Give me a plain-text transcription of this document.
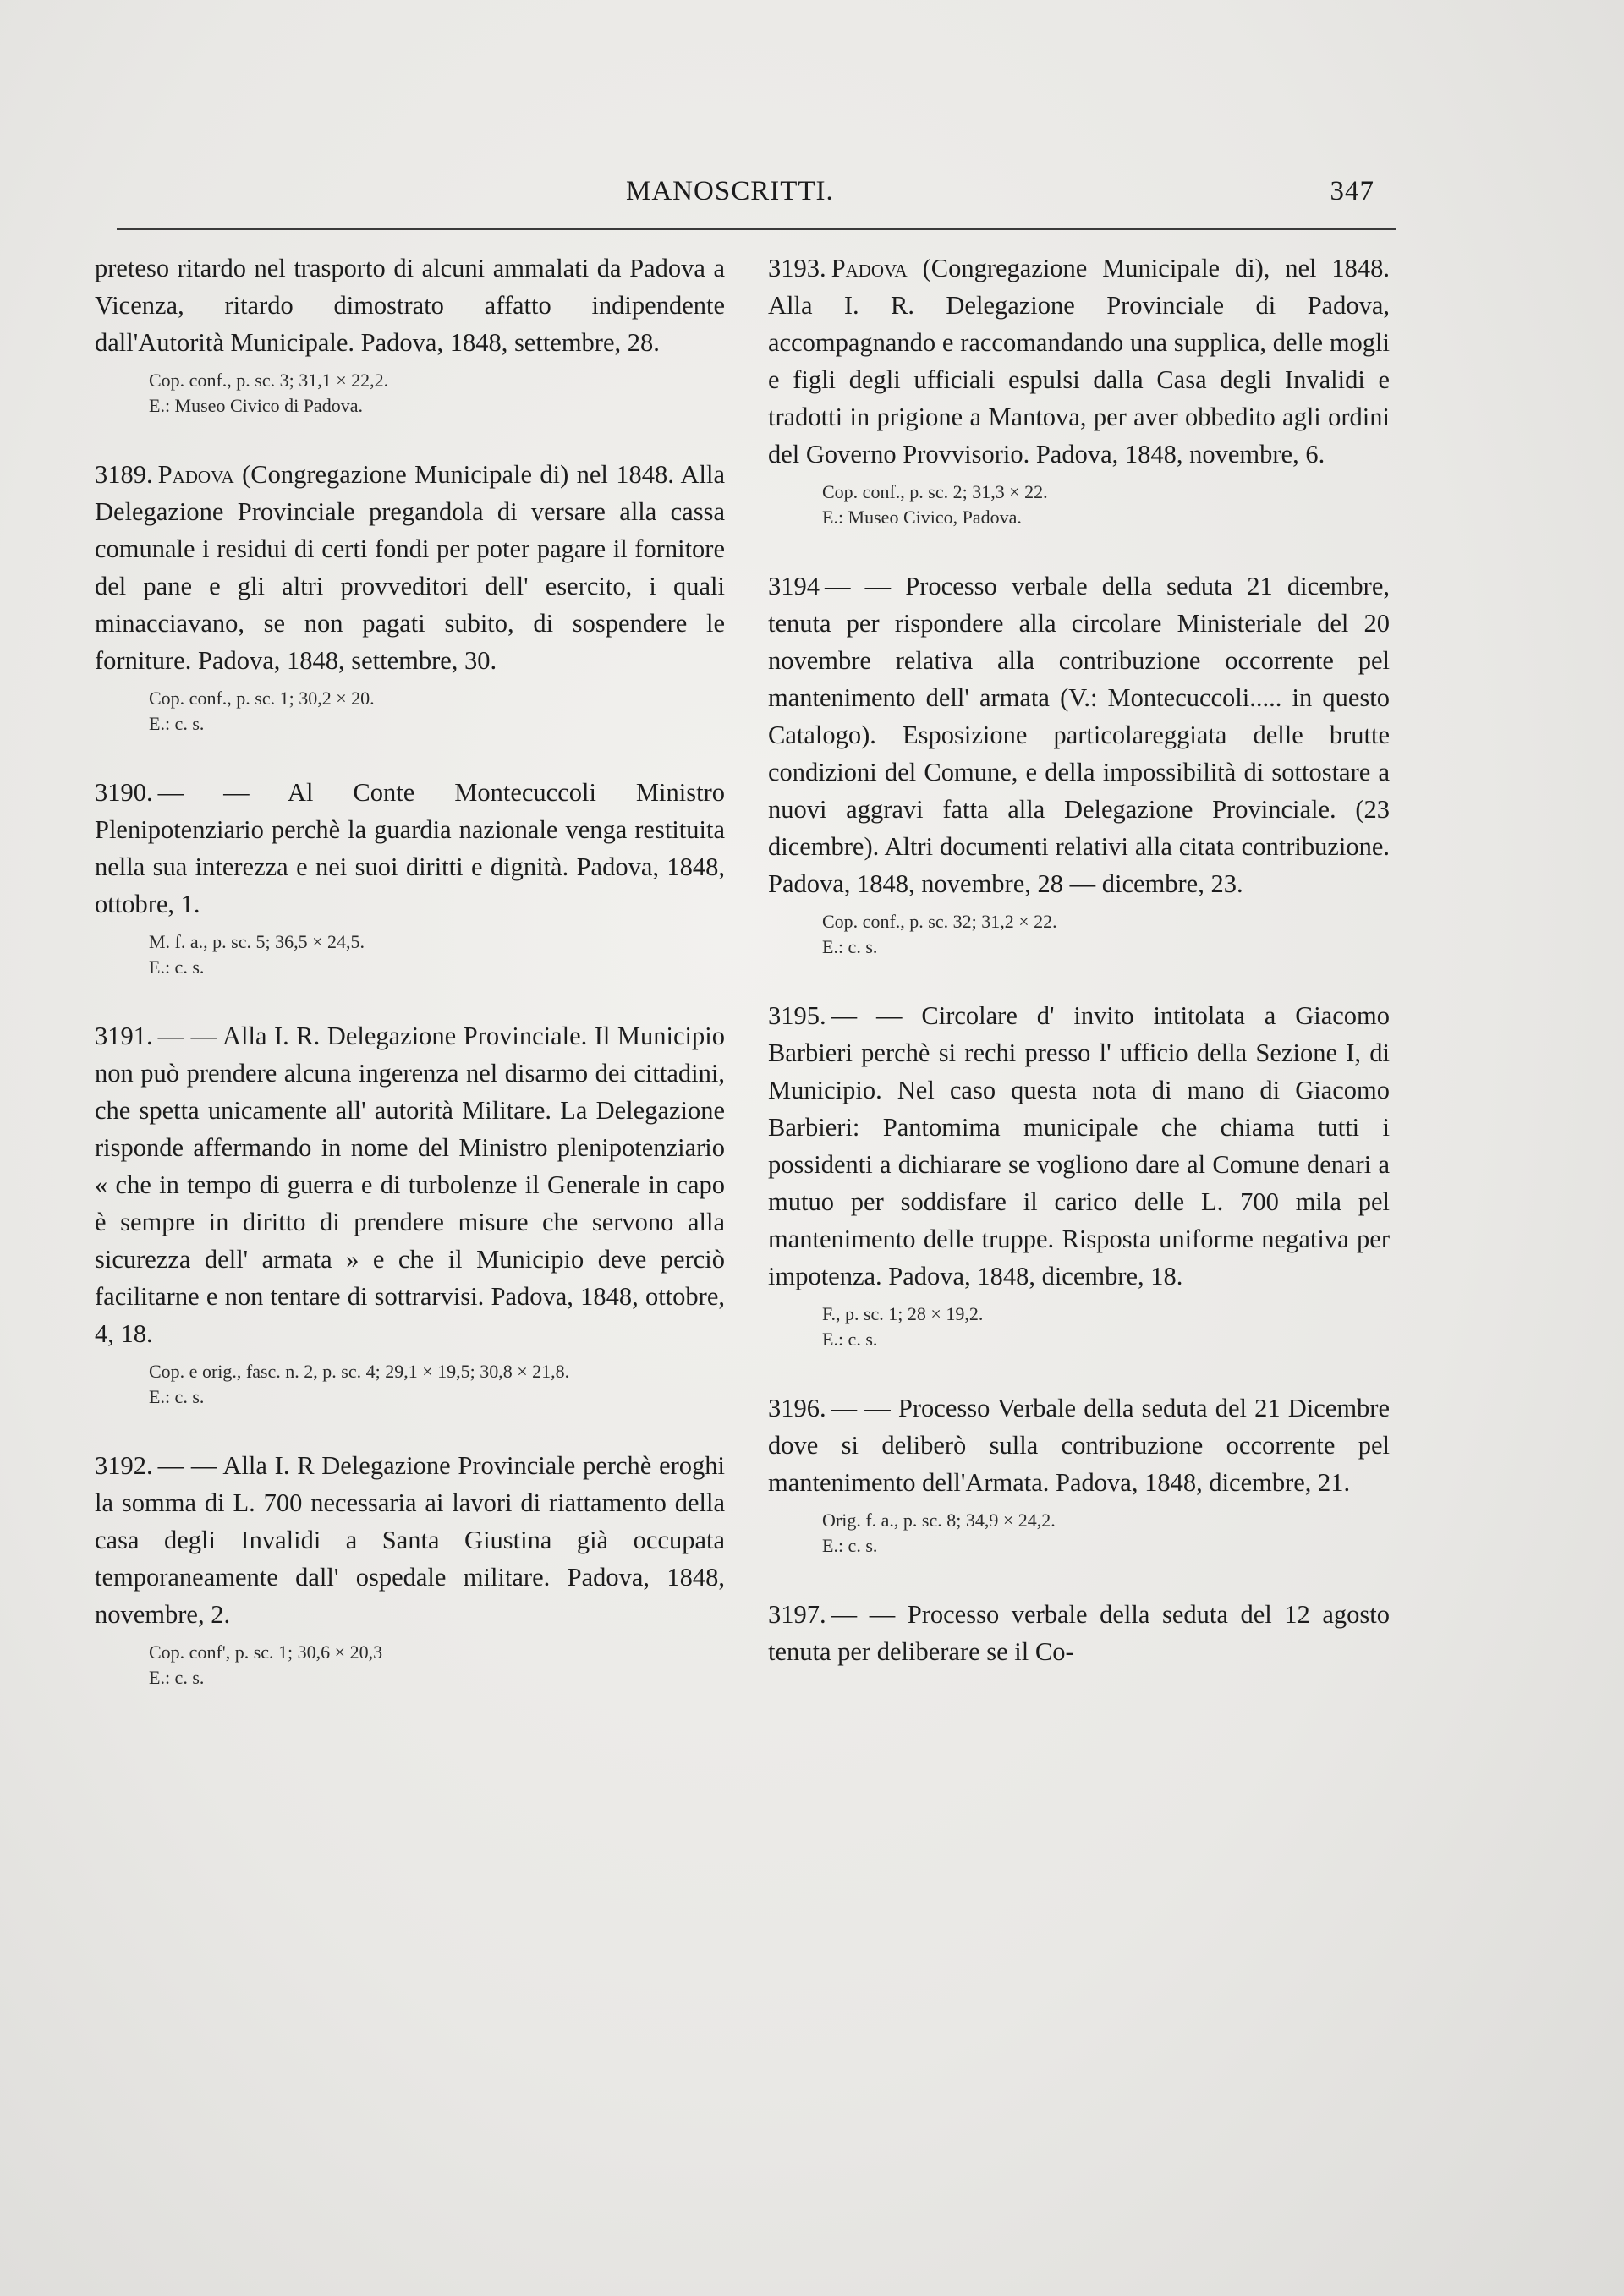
MANOSCRITTI.	347
preteso ritardo nel trasporto di alcuni ammalati da Padova a Vicenza, ritardo dimostrato affatto indipendente dall'Autorità Municipale. Padova, 1848, settembre, 28.
Cop. conf., p. sc. 3; 31,1 × 22,2.
E.: Museo Civico di Padova.
3189. Padova (Congregazione Municipale di) nel 1848. Alla Delegazione Provinciale pregandola di versare alla cassa comunale i residui di certi fondi per poter pagare il fornitore del pane e gli altri provveditori dell' esercito, i quali minacciavano, se non pagati subito, di sospendere le forniture. Padova, 1848, settembre, 30.
Cop. conf., p. sc. 1; 30,2 × 20.
E.: c. s.
3190. — — Al Conte Montecuccoli Ministro Plenipotenziario perchè la guardia nazionale venga restituita nella sua interezza e nei suoi diritti e dignità. Padova, 1848, ottobre, 1.
M. f. a., p. sc. 5; 36,5 × 24,5.
E.: c. s.
3191. — — Alla I. R. Delegazione Provinciale. Il Municipio non può prendere alcuna ingerenza nel disarmo dei cittadini, che spetta unicamente all' autorità Militare. La Delegazione risponde affermando in nome del Ministro plenipotenziario « che in tempo di guerra e di turbolenze il Generale in capo è sempre in diritto di prendere misure che servono alla sicurezza dell' armata » e che il Municipio deve perciò facilitarne e non tentare di sottrarvisi. Padova, 1848, ottobre, 4, 18.
Cop. e orig., fasc. n. 2, p. sc. 4; 29,1 × 19,5; 30,8 × 21,8.
E.: c. s.
3192. — — Alla I. R Delegazione Provinciale perchè eroghi la somma di L. 700 necessaria ai lavori di riattamento della casa degli Invalidi a Santa Giustina già occupata temporaneamente dall' ospedale militare. Padova, 1848, novembre, 2.
Cop. conf', p. sc. 1; 30,6 × 20,3
E.: c. s.
3193. Padova (Congregazione Municipale di), nel 1848. Alla I. R. Delegazione Provinciale di Padova, accompagnando e raccomandando una supplica, delle mogli e figli degli ufficiali espulsi dalla Casa degli Invalidi e tradotti in prigione a Mantova, per aver obbedito agli ordini del Governo Provvisorio. Padova, 1848, novembre, 6.
Cop. conf., p. sc. 2; 31,3 × 22.
E.: Museo Civico, Padova.
3194 — — Processo verbale della seduta 21 dicembre, tenuta per rispondere alla circolare Ministeriale del 20 novembre relativa alla contribuzione occorrente pel mantenimento dell' armata (V.: Montecuccoli..... in questo Catalogo). Esposizione particolareggiata delle brutte condizioni del Comune, e della impossibilità di sottostare a nuovi aggravi fatta alla Delegazione Provinciale. (23 dicembre). Altri documenti relativi alla citata contribuzione. Padova, 1848, novembre, 28 — dicembre, 23.
Cop. conf., p. sc. 32; 31,2 × 22.
E.: c. s.
3195. — — Circolare d' invito intitolata a Giacomo Barbieri perchè si rechi presso l' ufficio della Sezione I, di Municipio. Nel caso questa nota di mano di Giacomo Barbieri: Pantomima municipale che chiama tutti i possidenti a dichiarare se vogliono dare al Comune denari a mutuo per soddisfare il carico delle L. 700 mila pel mantenimento delle truppe. Risposta uniforme negativa per impotenza. Padova, 1848, dicembre, 18.
F., p. sc. 1; 28 × 19,2.
E.: c. s.
3196. — — Processo Verbale della seduta del 21 Dicembre dove si deliberò sulla contribuzione occorrente pel mantenimento dell'Armata. Padova, 1848, dicembre, 21.
Orig. f. a., p. sc. 8; 34,9 × 24,2.
E.: c. s.
3197. — — Processo verbale della seduta del 12 agosto tenuta per deliberare se il Co-
